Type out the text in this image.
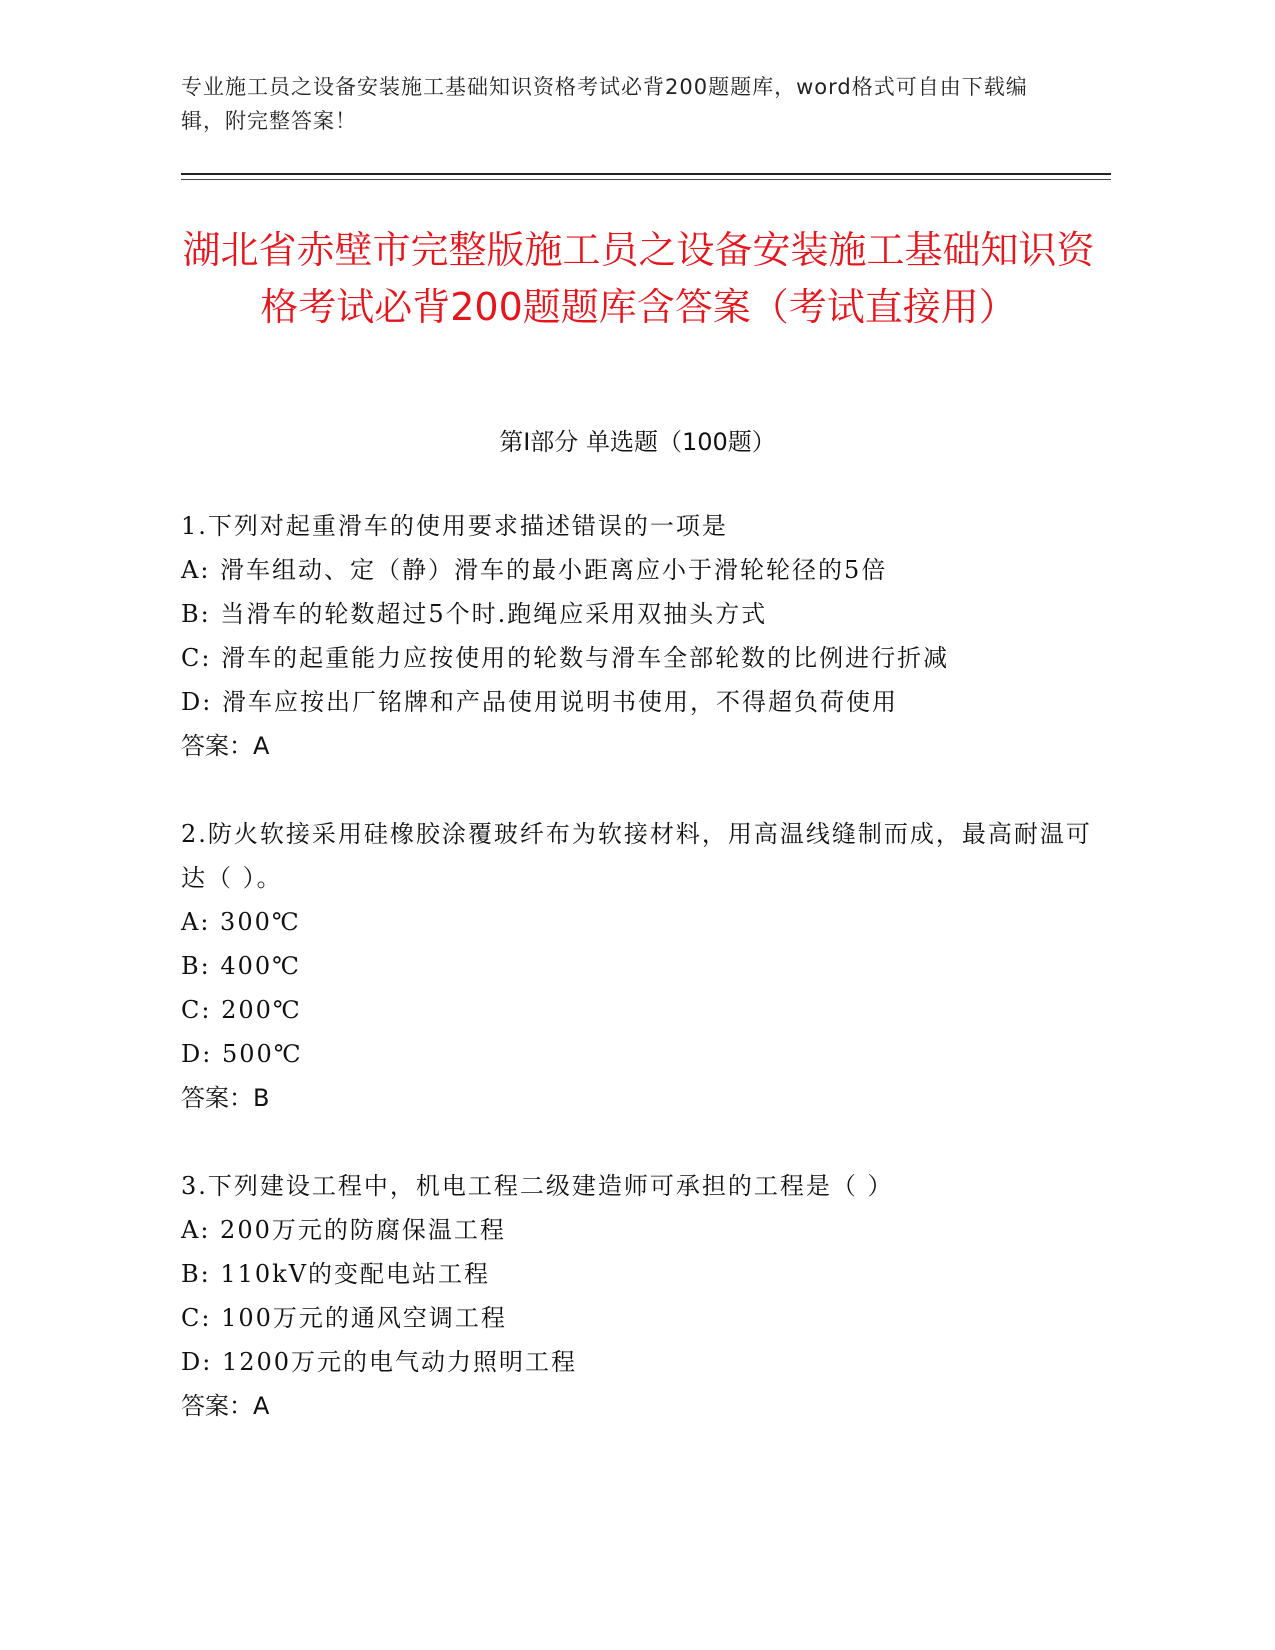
专业施工员之设备安装施工基础知识资格考试必背200题题库，word格式可自由下载编辑，附完整答案！
湖北省赤壁市完整版施工员之设备安装施工基础知识资格考试必背200题题库含答案（考试直接用）
第I部分 单选题（100题）
1.下列对起重滑车的使用要求描述错误的一项是
A: 滑车组动、定（静）滑车的最小距离应小于滑轮轮径的5倍
B: 当滑车的轮数超过5个时.跑绳应采用双抽头方式
C: 滑车的起重能力应按使用的轮数与滑车全部轮数的比例进行折减
D: 滑车应按出厂铭牌和产品使用说明书使用，不得超负荷使用
答案：A
2.防火软接采用硅橡胶涂覆玻纤布为软接材料，用高温线缝制而成，最高耐温可达（ ）。
A: 300℃
B: 400℃
C: 200℃
D: 500℃
答案：B
3.下列建设工程中，机电工程二级建造师可承担的工程是（ ）
A: 200万元的防腐保温工程
B: 110kV的变配电站工程
C: 100万元的通风空调工程
D: 1200万元的电气动力照明工程
答案：A
